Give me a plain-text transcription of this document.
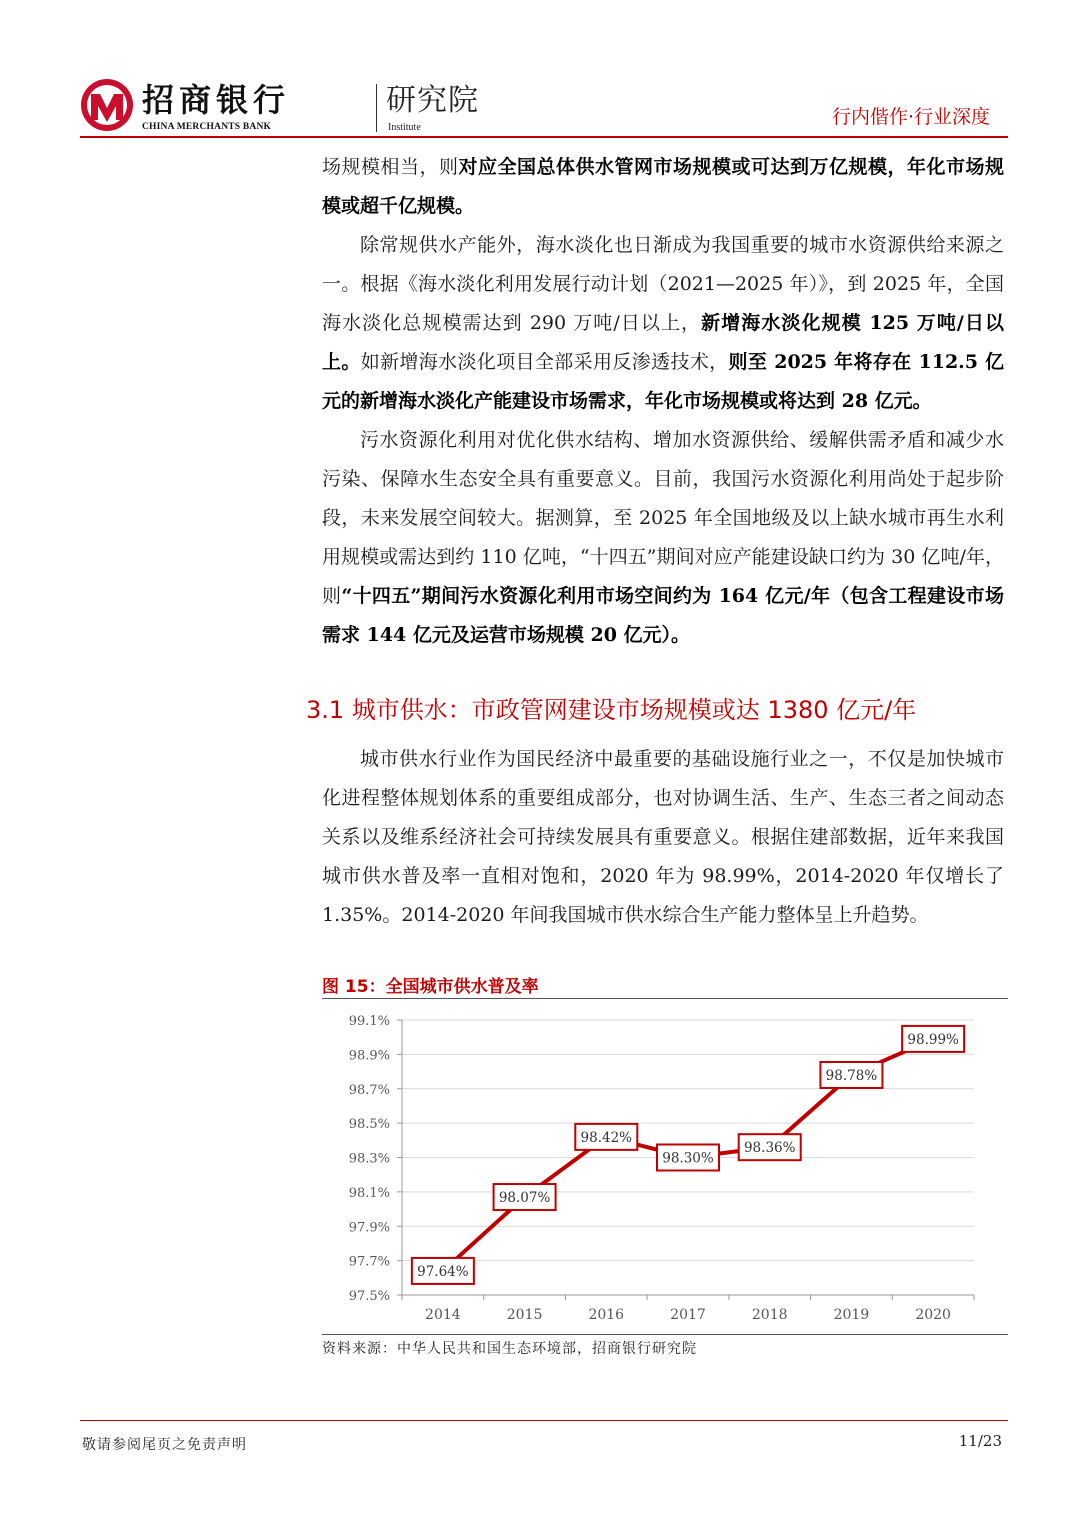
招商银行
CHINA MERCHANTS BANK
研究院
Institute	行内偕作·行业深度

场规模相当，则对应全国总体供水管网市场规模或可达到万亿规模，年化市场规模或超千亿规模。

除常规供水产能外，海水淡化也日渐成为我国重要的城市水资源供给来源之一。根据《海水淡化利用发展行动计划（2021—2025 年）》，到 2025 年，全国海水淡化总规模需达到 290 万吨/日以上，新增海水淡化规模 125 万吨/日以上。如新增海水淡化项目全部采用反渗透技术，则至 2025 年将存在 112.5 亿元的新增海水淡化产能建设市场需求，年化市场规模或将达到 28 亿元。

污水资源化利用对优化供水结构、增加水资源供给、缓解供需矛盾和减少水污染、保障水生态安全具有重要意义。目前，我国污水资源化利用尚处于起步阶段，未来发展空间较大。据测算，至 2025 年全国地级及以上缺水城市再生水利用规模或需达到约 110 亿吨，“十四五”期间对应产能建设缺口约为 30 亿吨/年，则“十四五”期间污水资源化利用市场空间约为 164 亿元/年（包含工程建设市场需求 144 亿元及运营市场规模 20 亿元）。

3.1 城市供水：市政管网建设市场规模或达 1380 亿元/年

城市供水行业作为国民经济中最重要的基础设施行业之一，不仅是加快城市化进程整体规划体系的重要组成部分，也对协调生活、生产、生态三者之间动态关系以及维系经济社会可持续发展具有重要意义。根据住建部数据，近年来我国城市供水普及率一直相对饱和，2020 年为 98.99%，2014-2020 年仅增长了 1.35%。2014-2020 年间我国城市供水综合生产能力整体呈上升趋势。

图 15：全国城市供水普及率
97.5%
97.7%
97.9%
98.1%
98.3%
98.5%
98.7%
98.9%
99.1%
2014	2015	2016	2017	2018	2019	2020
97.64%
98.07%
98.42%
98.30%
98.36%
98.78%
98.99%
资料来源：中华人民共和国生态环境部，招商银行研究院
敬请参阅尾页之免责声明	11/23
